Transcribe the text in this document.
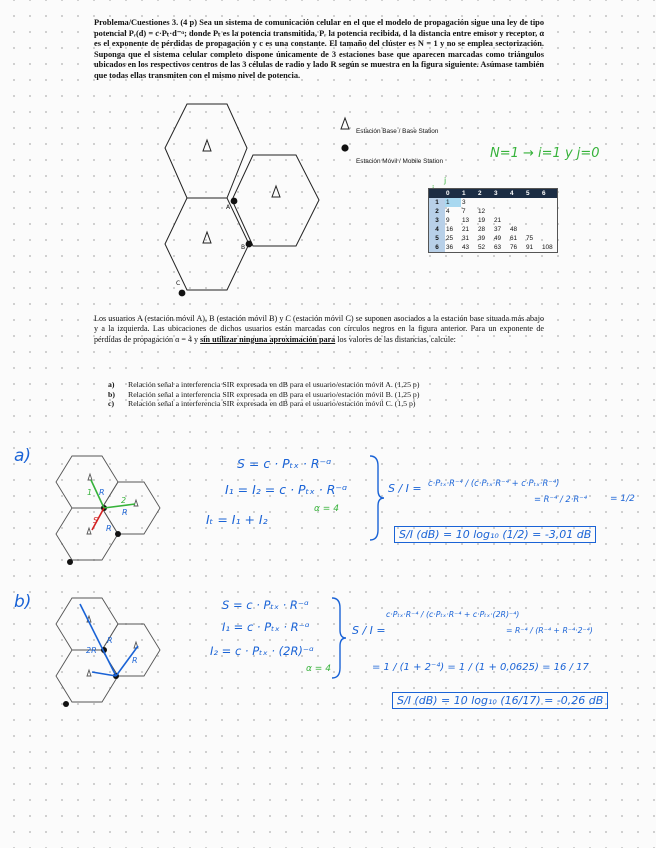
Problema/Cuestiones 3. (4 p) Sea un sistema de comunicación celular en el que el modelo de propagación sigue una ley de tipo potencial Pᵣ(d) = c·Pₜ·d⁻ᵅ; donde Pₜ es la potencia transmitida, Pᵣ la potencia recibida, d la distancia entre emisor y receptor, α es el exponente de pérdidas de propagación y c es una constante. El tamaño del clúster es N = 1 y no se emplea sectorización. Suponga que el sistema celular completo dispone únicamente de 3 estaciones base que aparecen marcadas como triángulos ubicados en los respectivos centros de las 3 células de radio y lado R según se muestra en la figura siguiente. Asúmase también que todas ellas transmiten con el mismo nivel de potencia.
A
B
C
Estación Base / Base Station
Estación Móvil / Mobile Station	N=1 → i=1 y j=0
j
	0	1	2	3	4	5	6
1	1	3					
2	4	7	12				
3	9	13	19	21			
4	16	21	28	37	48		
5	25	31	39	49	61	75	
6	36	43	52	63	76	91	108
Los usuarios A (estación móvil A), B (estación móvil B) y C (estación móvil C) se suponen asociados a la estación base situada más abajo y a la izquierda. Las ubicaciones de dichos usuarios están marcadas con círculos negros en la figura anterior. Para un exponente de pérdidas de propagación α = 4 y sin utilizar ninguna aproximación para los valores de las distancias, calcule:
a)	Relación señal a interferencia SIR expresada en dB para el usuario/estación móvil A. (1,25 p)
b)	Relación señal a interferencia SIR expresada en dB para el usuario/estación móvil B. (1,25 p)
c)	Relación señal a interferencia SIR expresada en dB para el usuario/estación móvil C. (1,5 p)
a)
1
2
S
R
R
R
S = c · Pₜₓ · R⁻ᵅ
I₁ = I₂ = c · Pₜₓ · R⁻ᵅ
α = 4
Iₜ = I₁ + I₂
S / I = c·Pₜₓ·R⁻⁴ / (c·Pₜₓ·R⁻⁴ + c·Pₜₓ·R⁻⁴)
= R⁻⁴ / 2·R⁻⁴	= 1/2
S/I (dB) = 10 log₁₀ (1/2) = -3,01 dB
b)
2R
R
R
S = c · Pₜₓ · R⁻ᵅ
I₁ = c · Pₜₓ · R⁻ᵅ
I₂ = c · Pₜₓ · (2R)⁻ᵅ
α = 4
S / I =
c·Pₜₓ·R⁻⁴ / (c·Pₜₓ·R⁻⁴ + c·Pₜₓ·(2R)⁻⁴)
= R⁻⁴ / (R⁻⁴ + R⁻⁴·2⁻⁴)
= 1 / (1 + 2⁻⁴) = 1 / (1 + 0,0625) = 16 / 17
S/I (dB) = 10 log₁₀ (16/17) = -0,26 dB
